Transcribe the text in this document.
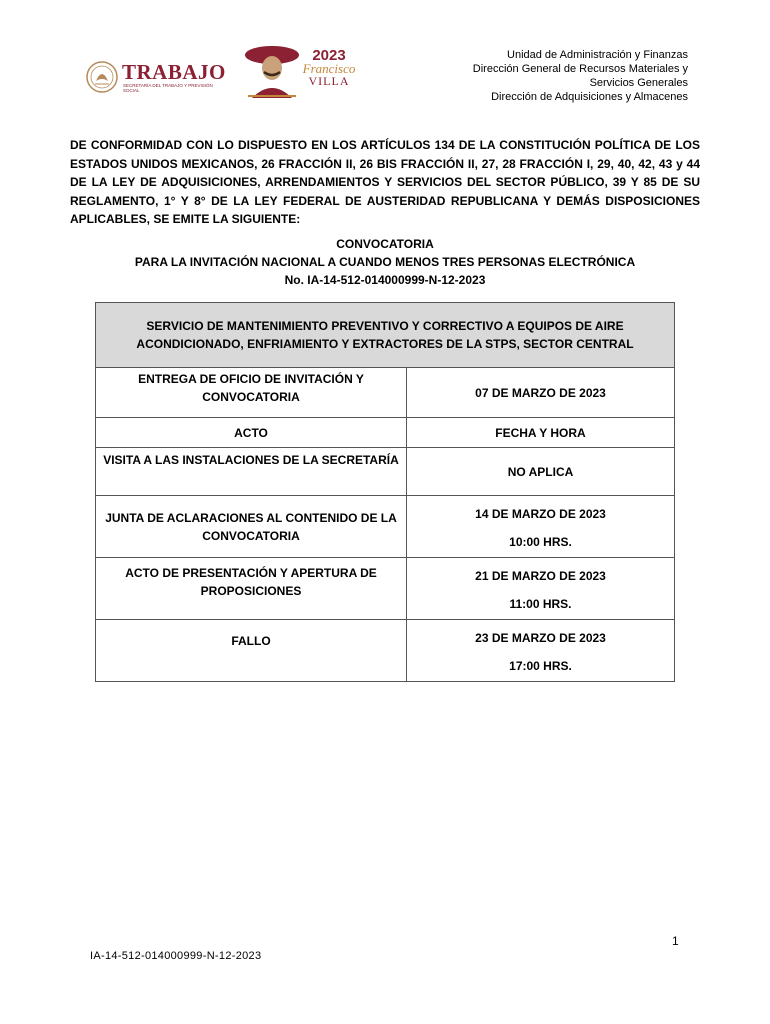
TRABAJO
SECRETARÍA DEL TRABAJO Y PREVISIÓN SOCIAL
2023
Francisco
VILLA
Unidad de Administración y Finanzas
Dirección General de Recursos Materiales y
Servicios Generales
Dirección de Adquisiciones y Almacenes
DE CONFORMIDAD CON LO DISPUESTO EN LOS ARTÍCULOS 134 DE LA CONSTITUCIÓN POLÍTICA DE LOS ESTADOS UNIDOS MEXICANOS, 26 FRACCIÓN II, 26 BIS FRACCIÓN II, 27, 28 FRACCIÓN I, 29, 40, 42, 43 y 44 DE LA LEY DE ADQUISICIONES, ARRENDAMIENTOS Y SERVICIOS DEL SECTOR PÚBLICO, 39 Y 85 DE SU REGLAMENTO, 1° Y 8° DE LA LEY FEDERAL DE AUSTERIDAD REPUBLICANA Y DEMÁS DISPOSICIONES APLICABLES, SE EMITE LA SIGUIENTE:
CONVOCATORIA
PARA LA INVITACIÓN NACIONAL A CUANDO MENOS TRES PERSONAS ELECTRÓNICA
No. IA-14-512-014000999-N-12-2023
SERVICIO DE MANTENIMIENTO PREVENTIVO Y CORRECTIVO A EQUIPOS DE AIRE ACONDICIONADO, ENFRIAMIENTO Y EXTRACTORES DE LA STPS, SECTOR CENTRAL	
ENTREGA DE OFICIO DE INVITACIÓN Y CONVOCATORIA	07 DE MARZO DE 2023
ACTO	FECHA Y HORA
VISITA A LAS INSTALACIONES DE LA SECRETARÍA	NO APLICA
JUNTA DE ACLARACIONES AL CONTENIDO DE LA CONVOCATORIA	14 DE MARZO DE 2023
10:00 HRS.

ACTO DE PRESENTACIÓN Y APERTURA DE PROPOSICIONES	21 DE MARZO DE 2023
11:00 HRS.

FALLO	23 DE MARZO DE 2023
17:00 HRS.
1
IA-14-512-014000999-N-12-2023
